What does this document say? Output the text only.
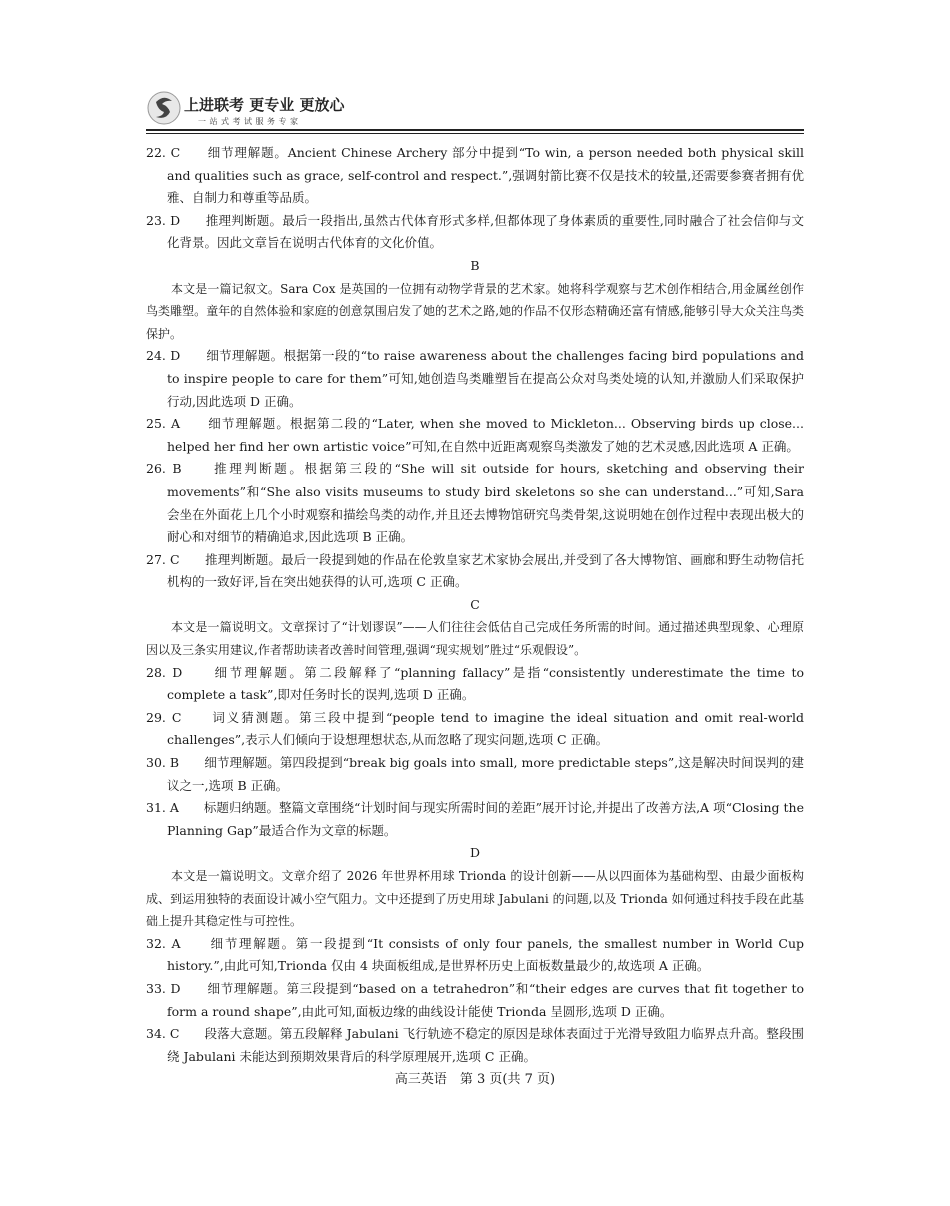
上进联考 更专业 更放心
一站式考试服务专家
22. C　　 细节理解题。Ancient Chinese Archery 部分中提到“To win, a person needed both physical skill and qualities such as grace, self-control and respect.”,强调射箭比赛不仅是技术的较量,还需要参赛者拥有优雅、自制力和尊重等品质。
23. D　　 推理判断题。最后一段指出,虽然古代体育形式多样,但都体现了身体素质的重要性,同时融合了社会信仰与文化背景。因此文章旨在说明古代体育的文化价值。
B
本文是一篇记叙文。Sara Cox 是英国的一位拥有动物学背景的艺术家。她将科学观察与艺术创作相结合,用金属丝创作鸟类雕塑。童年的自然体验和家庭的创意氛围启发了她的艺术之路,她的作品不仅形态精确还富有情感,能够引导大众关注鸟类保护。
24. D　　 细节理解题。根据第一段的“to raise awareness about the challenges facing bird populations and to inspire people to care for them”可知,她创造鸟类雕塑旨在提高公众对鸟类处境的认知,并激励人们采取保护行动,因此选项 D 正确。
25. A　　 细节理解题。根据第二段的“Later, when she moved to Mickleton... Observing birds up close... helped her find her own artistic voice”可知,在自然中近距离观察鸟类激发了她的艺术灵感,因此选项 A 正确。
26. B　　	推理判断题。根据第三段的“She will sit outside for hours, sketching and observing their movements”和“She also visits museums to study bird skeletons so she can understand...”可知,Sara 会坐在外面花上几个小时观察和描绘鸟类的动作,并且还去博物馆研究鸟类骨架,这说明她在创作过程中表现出极大的耐心和对细节的精确追求,因此选项 B 正确。
27. C　　 推理判断题。最后一段提到她的作品在伦敦皇家艺术家协会展出,并受到了各大博物馆、画廊和野生动物信托机构的一致好评,旨在突出她获得的认可,选项 C 正确。
C
本文是一篇说明文。文章探讨了“计划谬误”——人们往往会低估自己完成任务所需的时间。通过描述典型现象、心理原因以及三条实用建议,作者帮助读者改善时间管理,强调“现实规划”胜过“乐观假设”。
28. D　　	细节理解题。第二段解释了“planning fallacy”是指“consistently underestimate the time to complete a task”,即对任务时长的误判,选项 D 正确。
29. C　　 词义猜测题。第三段中提到“people tend to imagine the ideal situation and omit real-world challenges”,表示人们倾向于设想理想状态,从而忽略了现实问题,选项 C 正确。
30. B　　 细节理解题。第四段提到“break big goals into small, more predictable steps”,这是解决时间误判的建议之一,选项 B 正确。
31. A　　 标题归纳题。整篇文章围绕“计划时间与现实所需时间的差距”展开讨论,并提出了改善方法,A 项“Closing the Planning Gap”最适合作为文章的标题。
D
本文是一篇说明文。文章介绍了 2026 年世界杯用球 Trionda 的设计创新——从以四面体为基础构型、由最少面板构成、到运用独特的表面设计减小空气阻力。文中还提到了历史用球 Jabulani 的问题,以及 Trionda 如何通过科技手段在此基础上提升其稳定性与可控性。
32. A　　 细节理解题。第一段提到“It consists of only four panels, the smallest number in World Cup history.”,由此可知,Trionda 仅由 4 块面板组成,是世界杯历史上面板数量最少的,故选项 A 正确。
33. D　　 细节理解题。第三段提到“based on a tetrahedron”和“their edges are curves that fit together to form a round shape”,由此可知,面板边缘的曲线设计能使 Trionda 呈圆形,选项 D 正确。
34. C　　 段落大意题。第五段解释 Jabulani 飞行轨迹不稳定的原因是球体表面过于光滑导致阻力临界点升高。整段围绕 Jabulani 未能达到预期效果背后的科学原理展开,选项 C 正确。
高三英语　第 3 页(共 7 页)
